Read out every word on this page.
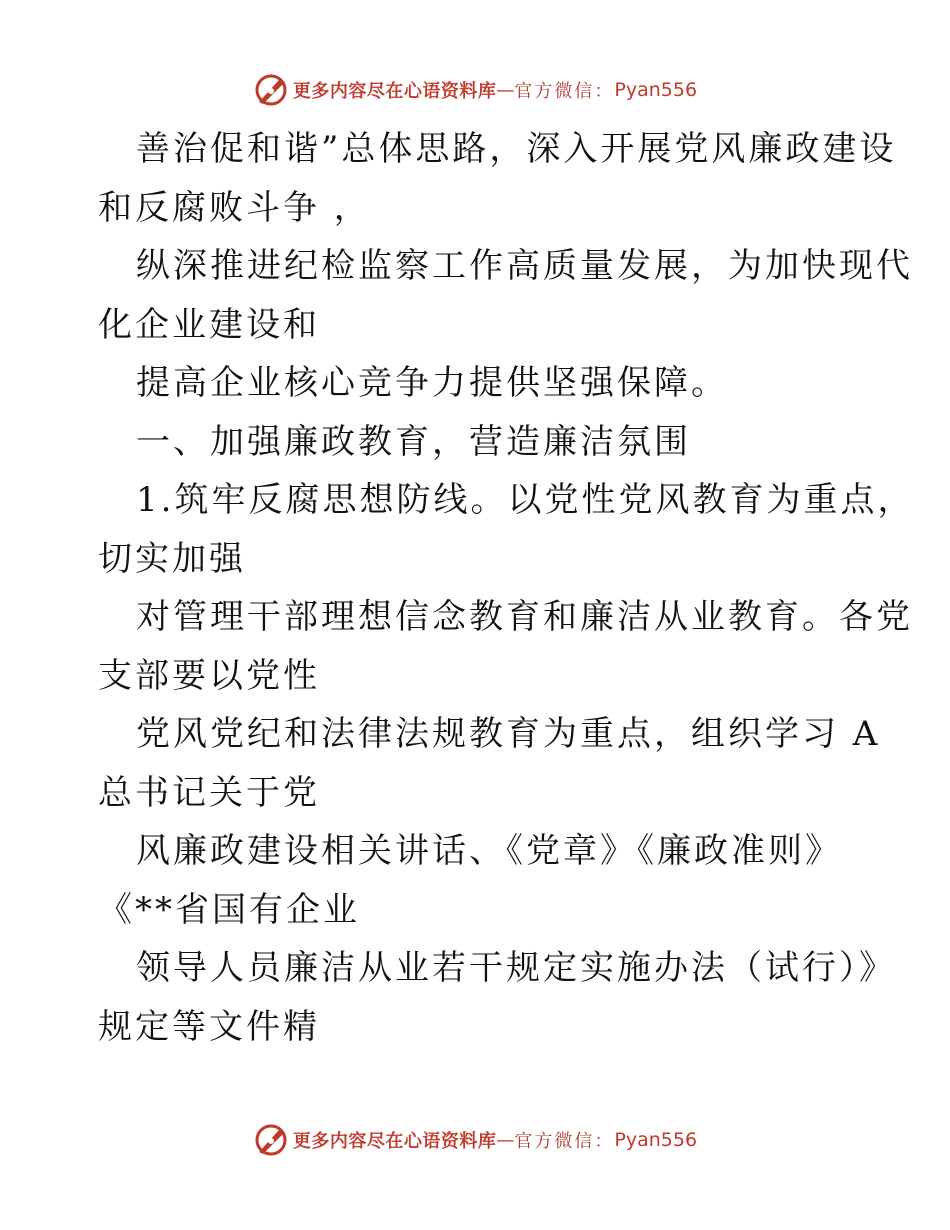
更多内容尽在心语资料库 — 官方微信： Pyan556
善治促和谐”总体思路，深入开展党风廉政建设
和反腐败斗争 ，
纵深推进纪检监察工作高质量发展，为加快现代
化企业建设和
提高企业核心竞争力提供坚强保障。
一、加强廉政教育，营造廉洁氛围
1.筑牢反腐思想防线。以党性党风教育为重点，
切实加强
对管理干部理想信念教育和廉洁从业教育。各党
支部要以党性
党风党纪和法律法规教育为重点，组织学习 A
总书记关于党
风廉政建设相关讲话、《党章》《廉政准则》
《**省国有企业
领导人员廉洁从业若干规定实施办法（试行）》
规定等文件精
更多内容尽在心语资料库 — 官方微信： Pyan556
